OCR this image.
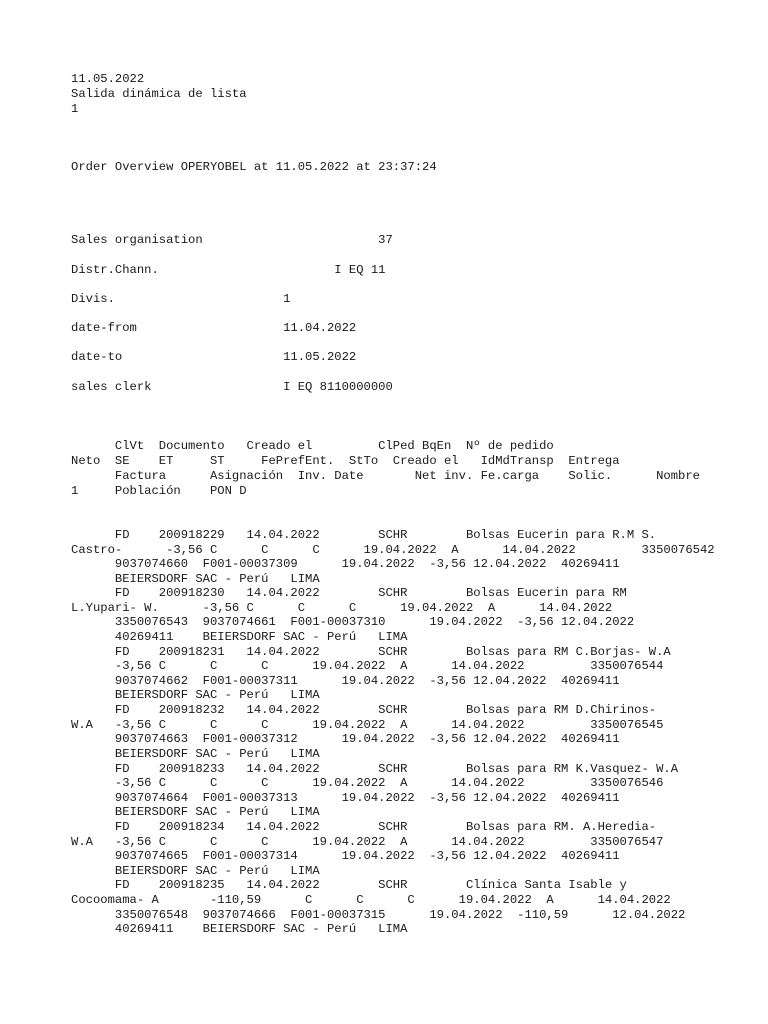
11.05.2022

Salida dinámica de lista

1

Order Overview OPERYOBEL at 11.05.2022 at 23:37:24

Sales organisation                        37

Distr.Chann.                        I EQ 11

Divis.                       1

date-from                    11.04.2022

date-to                      11.05.2022

sales clerk                  I EQ 8110000000

ClVt  Documento   Creado el         ClPed BqEn  Nº de pedido

Neto  SE    ET     ST     FePrefEnt.  StTo  Creado el   IdMdTransp  Entrega

Factura      Asignación  Inv. Date       Net inv. Fe.carga    Solic.      Nombre

1     Población    PON D

FD    200918229   14.04.2022        SCHR        Bolsas Eucerin para R.M S.

Castro-      -3,56 C      C      C      19.04.2022  A      14.04.2022         3350076542

9037074660  F001-00037309      19.04.2022  -3,56 12.04.2022  40269411

BEIERSDORF SAC - Perú   LIMA

FD    200918230   14.04.2022        SCHR        Bolsas Eucerin para RM

L.Yupari- W.      -3,56 C      C      C      19.04.2022  A      14.04.2022

3350076543  9037074661  F001-00037310      19.04.2022  -3,56 12.04.2022

40269411    BEIERSDORF SAC - Perú   LIMA

FD    200918231   14.04.2022        SCHR        Bolsas para RM C.Borjas- W.A

-3,56 C      C      C      19.04.2022  A      14.04.2022         3350076544

9037074662  F001-00037311      19.04.2022  -3,56 12.04.2022  40269411

BEIERSDORF SAC - Perú   LIMA

FD    200918232   14.04.2022        SCHR        Bolsas para RM D.Chirinos-

W.A   -3,56 C      C      C      19.04.2022  A      14.04.2022         3350076545

9037074663  F001-00037312      19.04.2022  -3,56 12.04.2022  40269411

BEIERSDORF SAC - Perú   LIMA

FD    200918233   14.04.2022        SCHR        Bolsas para RM K.Vasquez- W.A

-3,56 C      C      C      19.04.2022  A      14.04.2022         3350076546

9037074664  F001-00037313      19.04.2022  -3,56 12.04.2022  40269411

BEIERSDORF SAC - Perú   LIMA

FD    200918234   14.04.2022        SCHR        Bolsas para RM. A.Heredia-

W.A   -3,56 C      C      C      19.04.2022  A      14.04.2022         3350076547

9037074665  F001-00037314      19.04.2022  -3,56 12.04.2022  40269411

BEIERSDORF SAC - Perú   LIMA

FD    200918235   14.04.2022        SCHR        Clínica Santa Isable y

Cocoomama- A       -110,59      C      C      C      19.04.2022  A      14.04.2022

3350076548  9037074666  F001-00037315      19.04.2022  -110,59      12.04.2022

40269411    BEIERSDORF SAC - Perú   LIMA
